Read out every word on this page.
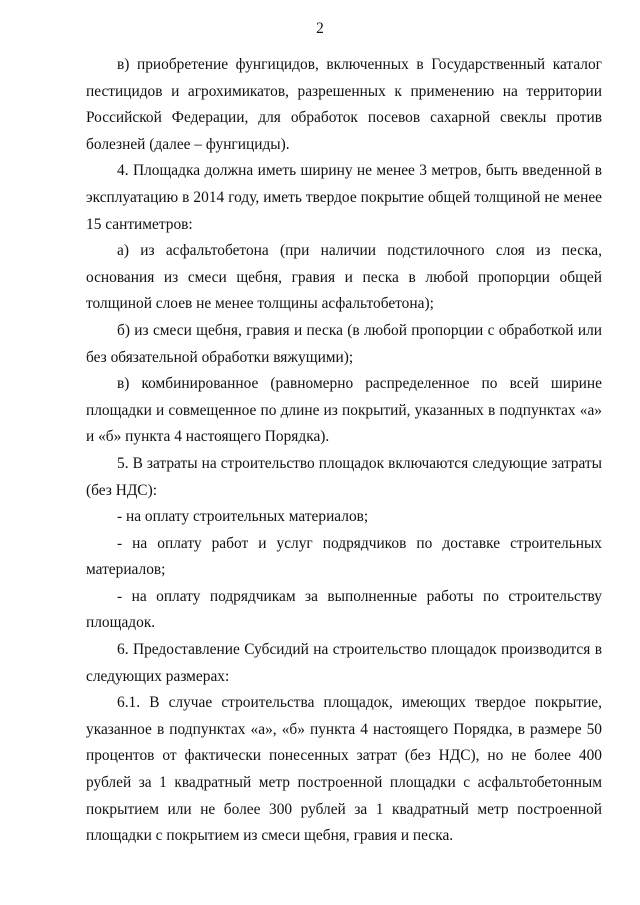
2

в) приобретение фунгицидов, включенных в Государственный каталог пестицидов и агрохимикатов, разрешенных к применению на территории Российской Федерации, для обработок посевов сахарной свеклы против болезней (далее – фунгициды).

4. Площадка должна иметь ширину не менее 3 метров, быть введенной в эксплуатацию в 2014 году, иметь твердое покрытие общей толщиной не менее 15 сантиметров:

а) из асфальтобетона (при наличии подстилочного слоя из песка, основания из смеси щебня, гравия и песка в любой пропорции общей толщиной слоев не менее толщины асфальтобетона);

б) из смеси щебня, гравия и песка (в любой пропорции с обработкой или без обязательной обработки вяжущими);

в) комбинированное (равномерно распределенное по всей ширине площадки и совмещенное по длине из покрытий, указанных в подпунктах «а» и «б» пункта 4 настоящего Порядка).

5. В затраты на строительство площадок включаются следующие затраты (без НДС):

- на оплату строительных материалов;

- на оплату работ и услуг подрядчиков по доставке строительных материалов;

- на оплату подрядчикам за выполненные работы по строительству площадок.

6. Предоставление Субсидий на строительство площадок производится в следующих размерах:

6.1. В случае строительства площадок, имеющих твердое покрытие, указанное в подпунктах «а», «б» пункта 4 настоящего Порядка, в размере 50 процентов от фактически понесенных затрат (без НДС), но не более 400 рублей за 1 квадратный метр построенной площадки с асфальтобетонным покрытием или не более 300 рублей за 1 квадратный метр построенной площадки с покрытием из смеси щебня, гравия и песка.
